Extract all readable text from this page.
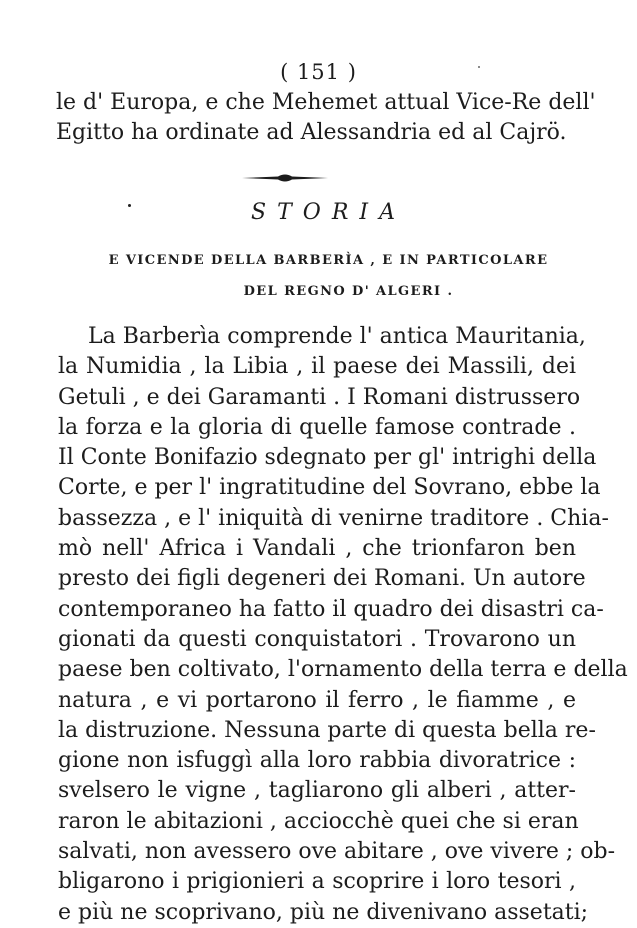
( 151 )
le d' Europa, e che Mehemet attual Vice-Re dell'
Egitto ha ordinate ad Alessandria ed al Cajrö.
STORIA
E VICENDE DELLA BARBERÌA , E IN PARTICOLARE
DEL REGNO D' ALGERI .
La Barberìa comprende l' antica Mauritania,
la Numidia , la Libia , il paese dei Massili, dei
Getuli , e dei Garamanti . I Romani distrussero
la forza e la gloria di quelle famose contrade .
Il Conte Bonifazio sdegnato per gl' intrighi della
Corte, e per l' ingratitudine del Sovrano, ebbe la
bassezza , e l' iniquità di venirne traditore . Chia-
mò nell' Africa i Vandali , che trionfaron ben
presto dei figli degeneri dei Romani. Un autore
contemporaneo ha fatto il quadro dei disastri ca-
gionati da questi conquistatori . Trovarono un
paese ben coltivato, l'ornamento della terra e della
natura , e vi portarono il ferro , le fiamme , e
la distruzione. Nessuna parte di questa bella re-
gione non isfuggì alla loro rabbia divoratrice :
svelsero le vigne , tagliarono gli alberi , atter-
raron le abitazioni , acciocchè quei che si eran
salvati, non avessero ove abitare , ove vivere ; ob-
bligarono i prigionieri a scoprire i loro tesori ,
e più ne scoprivano, più ne divenivano assetati;
